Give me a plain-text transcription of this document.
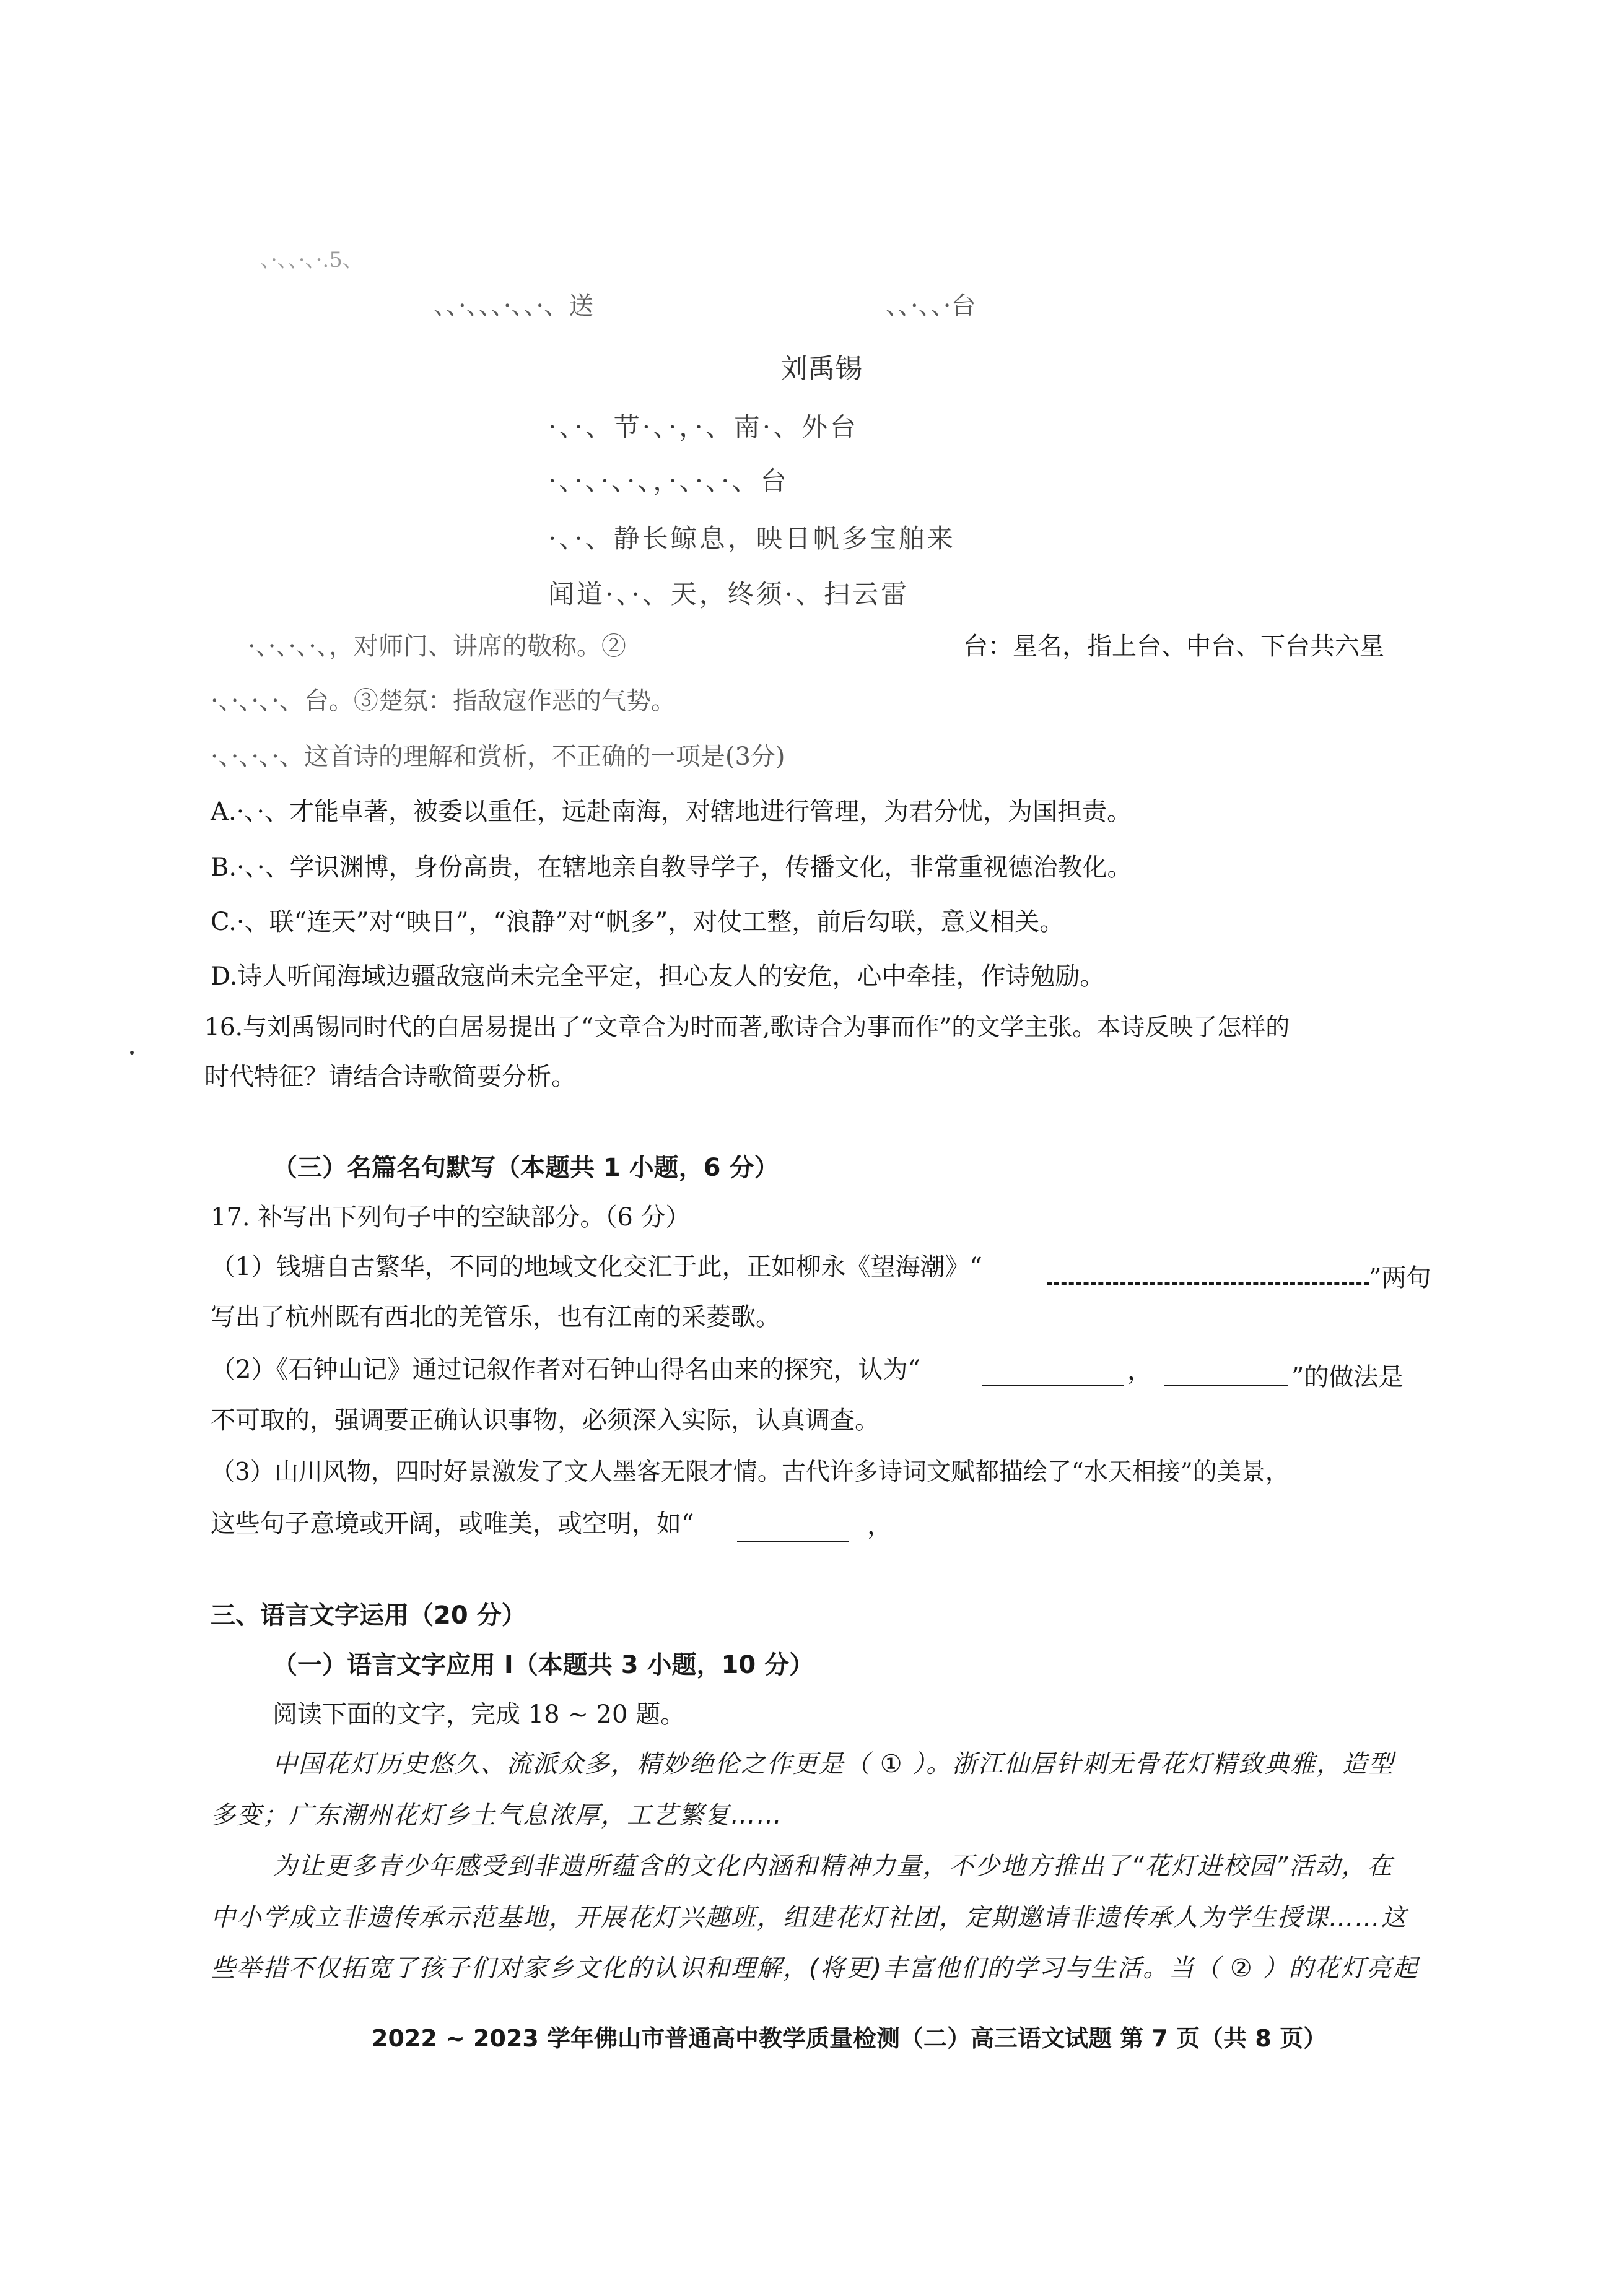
、·、、·、·.5、
、、·、、、·、、·、送	、、·、、·台
刘禹锡
·、·、节·、·，·、南·、外台
·、·、·、·、，·、·、·、台
·、·、静长鲸息，映日帆多宝舶来
闻道·、·、天，终须·、扫云雷
·、·、·、·、，对师门、讲席的敬称。②	台：星名，指上台、中台、下台共六星
·、·、·、·、台。③楚氛：指敌寇作恶的气势。
·、·、·、·、这首诗的理解和赏析，不正确的一项是(3分)
A.·、·、才能卓著，被委以重任，远赴南海，对辖地进行管理，为君分忧，为国担责。
B.·、·、学识渊博，身份高贵，在辖地亲自教导学子，传播文化，非常重视德治教化。
C.·、联“连天”对“映日”，“浪静”对“帆多”，对仗工整，前后勾联，意义相关。
D.诗人听闻海域边疆敌寇尚未完全平定，担心友人的安危，心中牵挂，作诗勉励。
16.与刘禹锡同时代的白居易提出了“文章合为时而著,歌诗合为事而作”的文学主张。本诗反映了怎样的
时代特征？请结合诗歌简要分析。
（三）名篇名句默写（本题共 1 小题，6 分）
17. 补写出下列句子中的空缺部分。（6 分）
（1）钱塘自古繁华，不同的地域文化交汇于此，正如柳永《望海潮》“	”两句
写出了杭州既有西北的羌管乐，也有江南的采菱歌。
（2）《石钟山记》通过记叙作者对石钟山得名由来的探究，认为“	，	”的做法是
不可取的，强调要正确认识事物，必须深入实际，认真调查。
（3）山川风物，四时好景激发了文人墨客无限才情。古代许多诗词文赋都描绘了“水天相接”的美景，
这些句子意境或开阔，或唯美，或空明，如“	，
三、语言文字运用（20 分）
（一）语言文字应用 I（本题共 3 小题，10 分）
阅读下面的文字，完成 18 ~ 20 题。
中国花灯历史悠久、流派众多，精妙绝伦之作更是（ ① ）。浙江仙居针刺无骨花灯精致典雅，造型
多变；广东潮州花灯乡土气息浓厚，工艺繁复……
为让更多青少年感受到非遗所蕴含的文化内涵和精神力量，不少地方推出了“花灯进校园”活动，在
中小学成立非遗传承示范基地，开展花灯兴趣班，组建花灯社团，定期邀请非遗传承人为学生授课……这
些举措不仅拓宽了孩子们对家乡文化的认识和理解，(将更)丰富他们的学习与生活。当（ ② ）的花灯亮起
2022 ~ 2023 学年佛山市普通高中教学质量检测（二）高三语文试题 第 7 页（共 8 页）
